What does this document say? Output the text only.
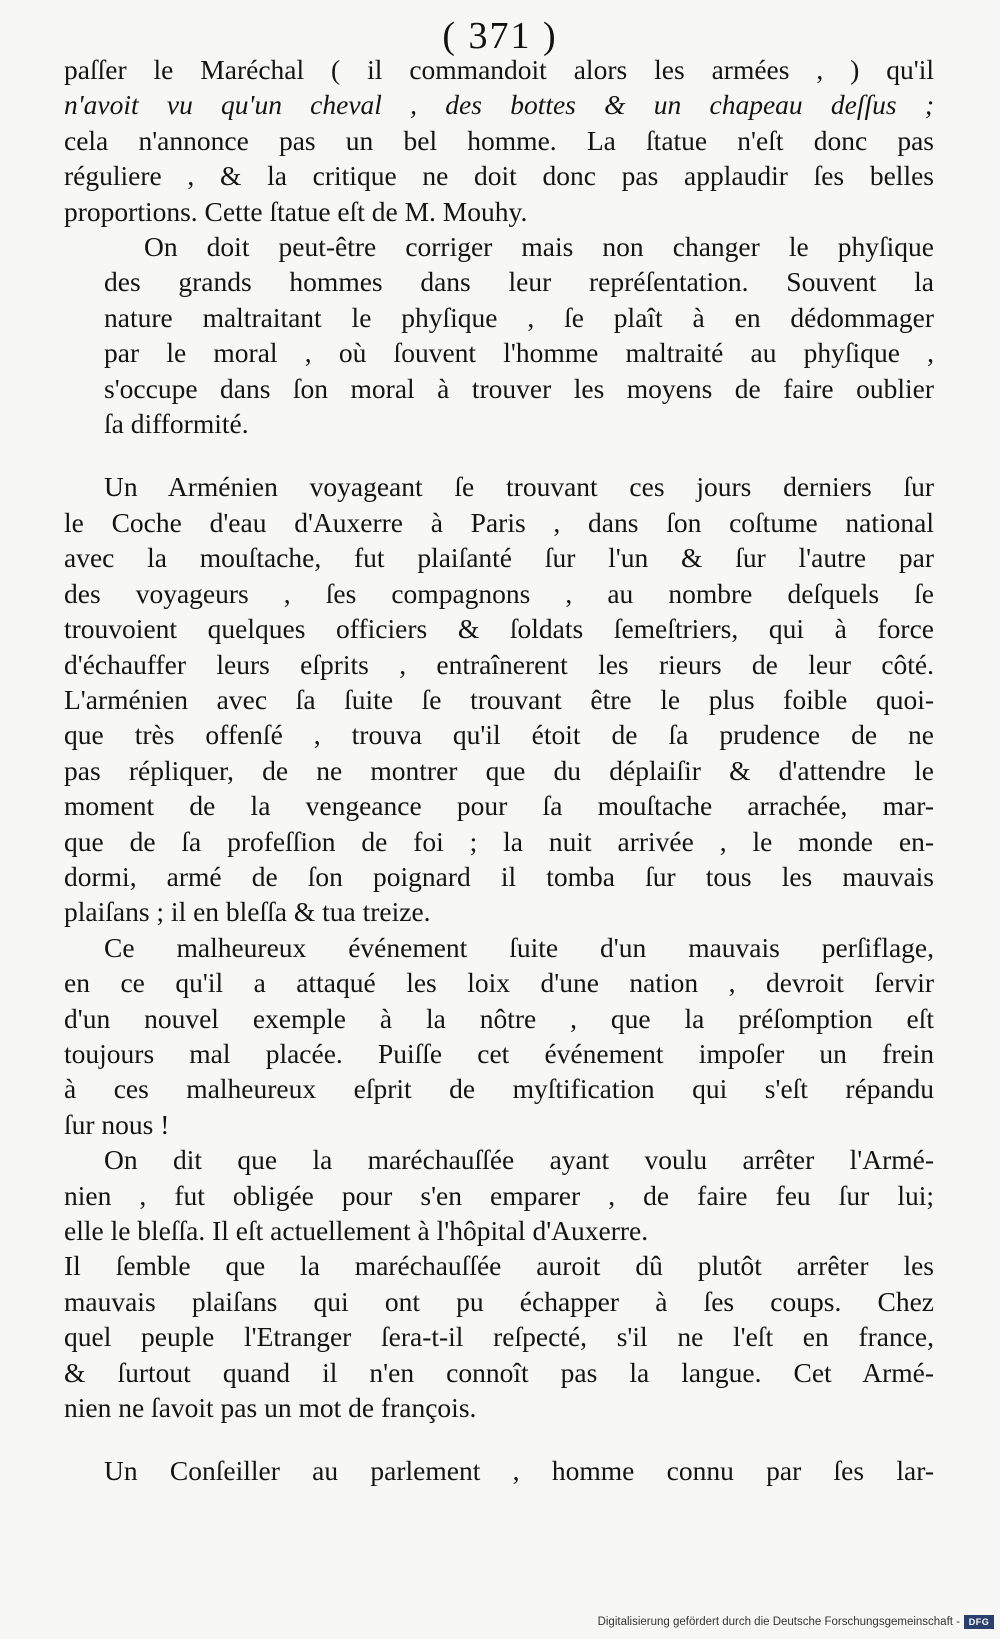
( 371 )
paſſer le Maréchal ( il commandoit alors les armées , ) qu'il
n'avoit vu qu'un cheval , des bottes & un chapeau deſſus ;
cela n'annonce pas un bel homme. La ſtatue n'eſt donc pas
réguliere , & la critique ne doit donc pas applaudir ſes belles
proportions. Cette ſtatue eſt de M. Mouhy.
On doit peut-être corriger mais non changer le phyſique
des grands hommes dans leur repréſentation. Souvent la
nature maltraitant le phyſique , ſe plaît à en dédommager
par le moral , où ſouvent l'homme maltraité au phyſique ,
s'occupe dans ſon moral à trouver les moyens de faire oublier
ſa difformité.
Un Arménien voyageant ſe trouvant ces jours derniers ſur
le Coche d'eau d'Auxerre à Paris , dans ſon coſtume national
avec la mouſtache, fut plaiſanté ſur l'un & ſur l'autre par
des voyageurs , ſes compagnons , au nombre deſquels ſe
trouvoient quelques officiers & ſoldats ſemeſtriers, qui à force
d'échauffer leurs eſprits , entraînerent les rieurs de leur côté.
L'arménien avec ſa ſuite ſe trouvant être le plus foible quoi-
que très offenſé , trouva qu'il étoit de ſa prudence de ne
pas répliquer, de ne montrer que du déplaiſir & d'attendre le
moment de la vengeance pour ſa mouſtache arrachée, mar-
que de ſa profeſſion de foi ; la nuit arrivée , le monde en-
dormi, armé de ſon poignard il tomba ſur tous les mauvais
plaiſans ; il en bleſſa & tua treize.
Ce malheureux événement ſuite d'un mauvais perſiflage,
en ce qu'il a attaqué les loix d'une nation , devroit ſervir
d'un nouvel exemple à la nôtre , que la préſomption eſt
toujours mal placée. Puiſſe cet événement impoſer un frein
à ces malheureux eſprit de myſtification qui s'eſt répandu
ſur nous !
On dit que la maréchauſſée ayant voulu arrêter l'Armé-
nien , fut obligée pour s'en emparer , de faire feu ſur lui;
elle le bleſſa. Il eſt actuellement à l'hôpital d'Auxerre.
Il ſemble que la maréchauſſée auroit dû plutôt arrêter les
mauvais plaiſans qui ont pu échapper à ſes coups. Chez
quel peuple l'Etranger ſera-t-il reſpecté, s'il ne l'eſt en france,
& ſurtout quand il n'en connoît pas la langue. Cet Armé-
nien ne ſavoit pas un mot de françois.
Un Conſeiller au parlement , homme connu par ſes lar-
Digitalisierung gefördert durch die Deutsche Forschungsgemeinschaft - DFG
